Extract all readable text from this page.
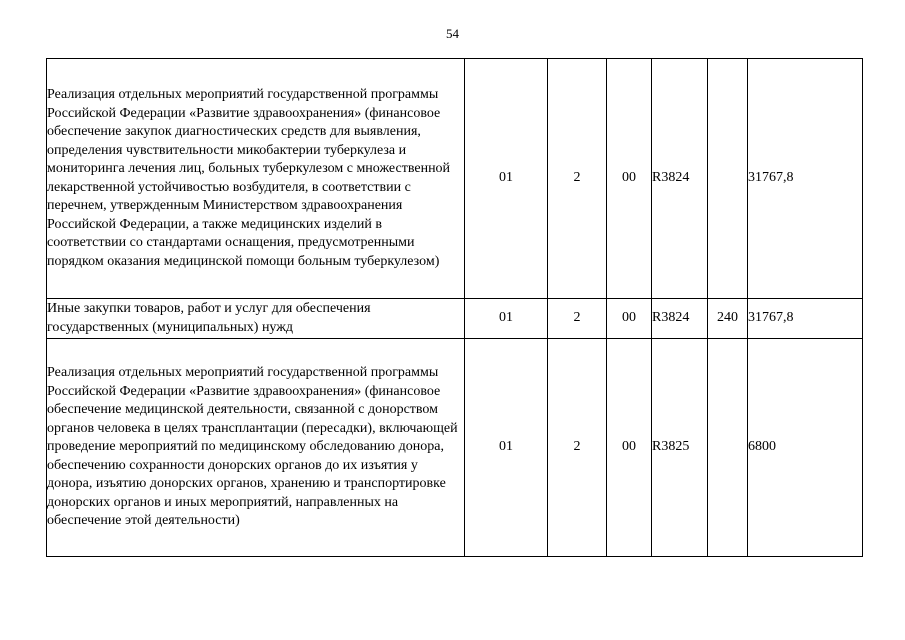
54
Реализация отдельных мероприятий государственной программы Российской Федерации «Развитие здравоохранения» (финансовое обеспечение закупок диагностических средств для выявления, определения чувствительности микобактерии туберкулеза и мониторинга лечения лиц, больных туберкулезом с множественной лекарственной устойчивостью возбудителя, в соответствии с перечнем, утвержденным Министерством здравоохранения Российской Федерации, а также медицинских изделий в соответствии со стандартами оснащения, предусмотренными порядком оказания медицинской помощи больным туберкулезом)	01	2	00	R3824		31767,8

Иные закупки товаров, работ и услуг для обеспечения государственных (муниципальных) нужд	01	2	00	R3824	240	31767,8

Реализация отдельных мероприятий государственной программы Российской Федерации «Развитие здравоохранения» (финансовое обеспечение медицинской деятельности, связанной с донорством органов человека в целях трансплантации (пересадки), включающей проведение мероприятий по медицинскому обследованию донора, обеспечению сохранности донорских органов до их изъятия у донора, изъятию донорских органов, хранению и транспортировке донорских органов и иных мероприятий, направленных на обеспечение этой деятельности)	01	2	00	R3825		6800
